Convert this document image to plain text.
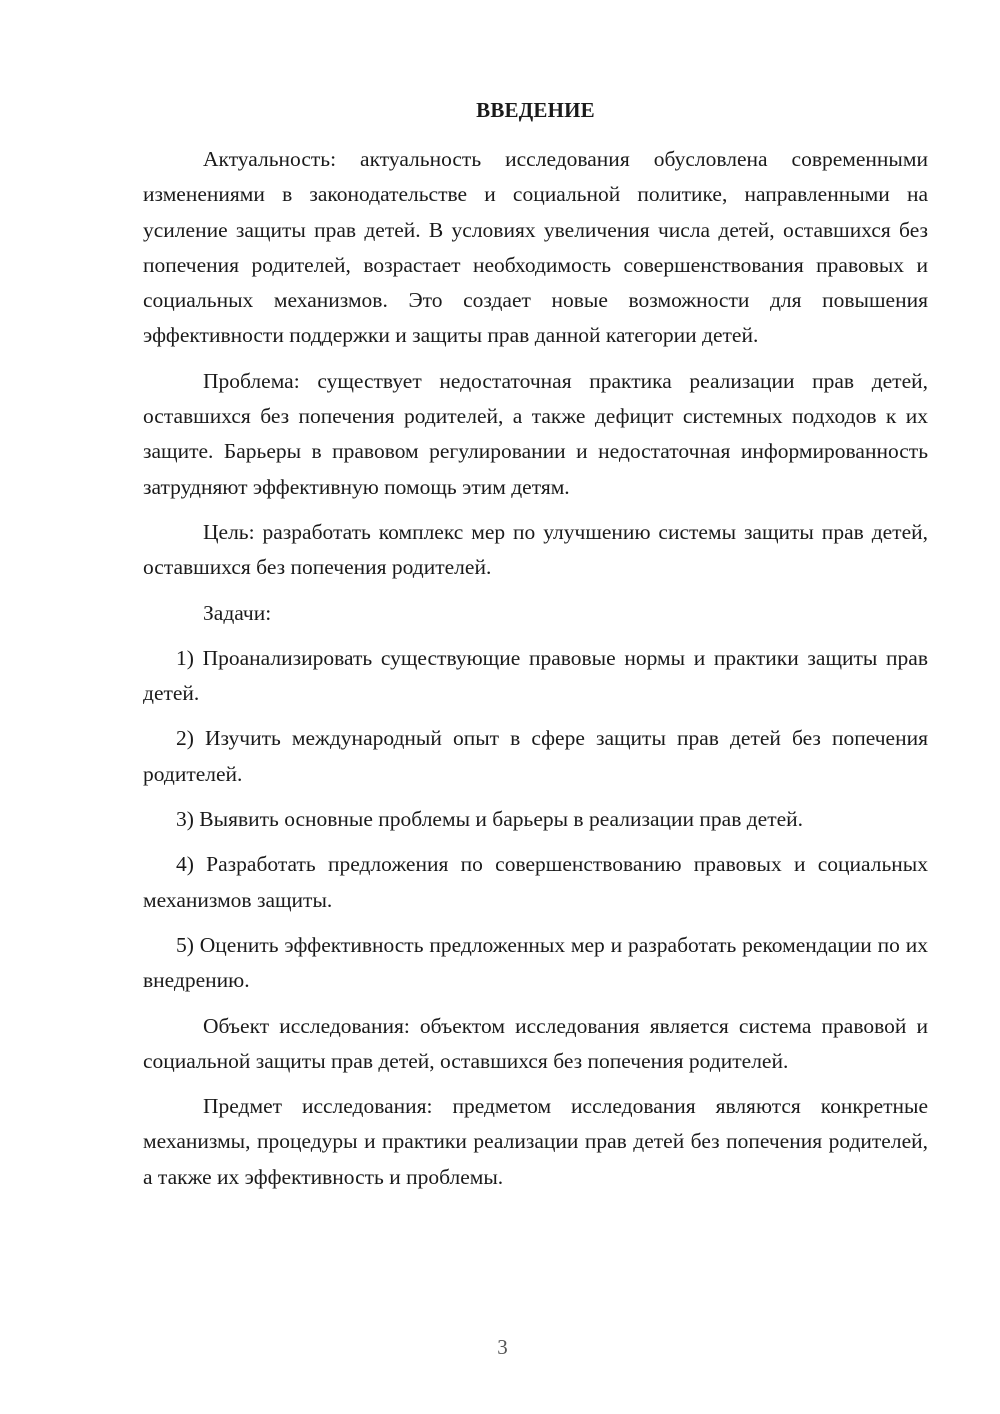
ВВЕДЕНИЕ

Актуальность: актуальность исследования обусловлена современными изменениями в законодательстве и социальной политике, направленными на усиление защиты прав детей. В условиях увеличения числа детей, оставшихся без попечения родителей, возрастает необходимость совершенствования правовых и социальных механизмов. Это создает новые возможности для повышения эффективности поддержки и защиты прав данной категории детей.

Проблема: существует недостаточная практика реализации прав детей, оставшихся без попечения родителей, а также дефицит системных подходов к их защите. Барьеры в правовом регулировании и недостаточная информированность затрудняют эффективную помощь этим детям.

Цель: разработать комплекс мер по улучшению системы защиты прав детей, оставшихся без попечения родителей.

Задачи:

1) Проанализировать существующие правовые нормы и практики защиты прав детей.

2) Изучить международный опыт в сфере защиты прав детей без попечения родителей.

3) Выявить основные проблемы и барьеры в реализации прав детей.

4) Разработать предложения по совершенствованию правовых и социальных механизмов защиты.

5) Оценить эффективность предложенных мер и разработать рекомендации по их внедрению.

Объект исследования: объектом исследования является система правовой и социальной защиты прав детей, оставшихся без попечения родителей.

Предмет исследования: предметом исследования являются конкретные механизмы, процедуры и практики реализации прав детей без попечения родителей, а также их эффективность и проблемы.

3
